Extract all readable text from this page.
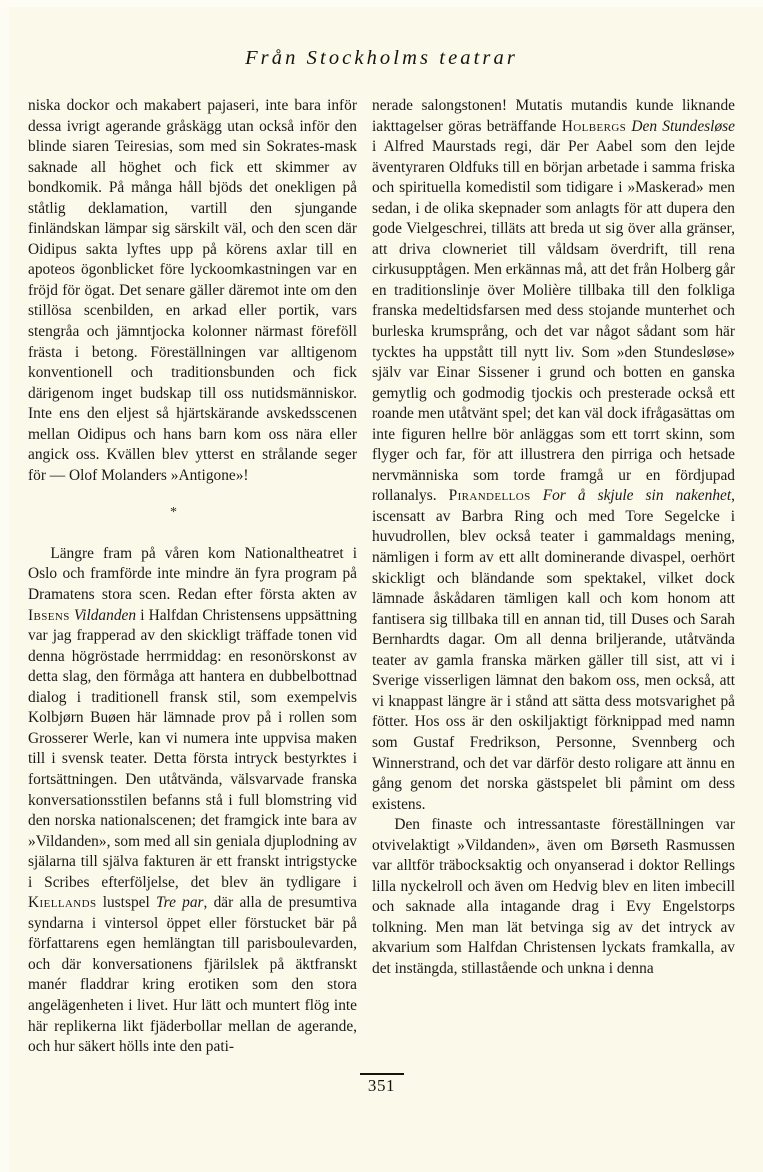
Från Stockholms teatrar

niska dockor och makabert pajaseri, inte bara inför dessa ivrigt agerande gråskägg utan också inför den blinde siaren Teiresias, som med sin Sokrates-mask saknade all höghet och fick ett skimmer av bondkomik. På många håll bjöds det onekligen på ståtlig deklamation, vartill den sjungande finländskan lämpar sig särskilt väl, och den scen där Oidipus sakta lyftes upp på körens axlar till en apoteos ögonblicket före lyckoomkastningen var en fröjd för ögat. Det senare gäller däremot inte om den stillösa scenbilden, en arkad eller portik, vars stengråa och jämntjocka kolonner närmast föreföll frästa i betong. Föreställningen var alltigenom konventionell och traditionsbunden och fick därigenom inget budskap till oss nutidsmänniskor. Inte ens den eljest så hjärtskärande avskedsscenen mellan Oidipus och hans barn kom oss nära eller angick oss. Kvällen blev ytterst en strålande seger för — Olof Molanders »Antigone»!

*

Längre fram på våren kom Nationaltheatret i Oslo och framförde inte mindre än fyra program på Dramatens stora scen. Redan efter första akten av Ibsens Vildanden i Halfdan Christensens uppsättning var jag frapperad av den skickligt träffade tonen vid denna högröstade herrmiddag: en resonörskonst av detta slag, den förmåga att hantera en dubbelbottnad dialog i traditionell fransk stil, som exempelvis Kolbjørn Buøen här lämnade prov på i rollen som Grosserer Werle, kan vi numera inte uppvisa maken till i svensk teater. Detta första intryck bestyrktes i fortsättningen. Den utåtvända, välsvarvade franska konversationsstilen befanns stå i full blomstring vid den norska nationalscenen; det framgick inte bara av »Vildanden», som med all sin geniala djuplodning av själarna till själva fakturen är ett franskt intrigstycke i Scribes efterföljelse, det blev än tydligare i Kiellands lustspel Tre par, där alla de presumtiva syndarna i vintersol öppet eller förstucket bär på författarens egen hemlängtan till parisboulevarden, och där konversationens fjärilslek på äktfranskt manér fladdrar kring erotiken som den stora angelägenheten i livet. Hur lätt och muntert flög inte här replikerna likt fjäderbollar mellan de agerande, och hur säkert hölls inte den pati-

nerade salongstonen! Mutatis mutandis kunde liknande iakttagelser göras beträffande Holbergs Den Stundesløse i Alfred Maurstads regi, där Per Aabel som den lejde äventyraren Oldfuks till en början arbetade i samma friska och spirituella komedistil som tidigare i »Maskerad» men sedan, i de olika skepnader som anlagts för att dupera den gode Vielgeschrei, tilläts att breda ut sig över alla gränser, att driva clowneriet till våldsam överdrift, till rena cirkusupptågen. Men erkännas må, att det från Holberg går en traditionslinje över Molière tillbaka till den folkliga franska medeltidsfarsen med dess stojande munterhet och burleska krumsprång, och det var något sådant som här tycktes ha uppstått till nytt liv. Som »den Stundesløse» själv var Einar Sissener i grund och botten en ganska gemytlig och godmodig tjockis och presterade också ett roande men utåtvänt spel; det kan väl dock ifrågasättas om inte figuren hellre bör anläggas som ett torrt skinn, som flyger och far, för att illustrera den pirriga och hetsade nervmänniska som torde framgå ur en fördjupad rollanalys. Pirandellos For å skjule sin nakenhet, iscensatt av Barbra Ring och med Tore Segelcke i huvudrollen, blev också teater i gammaldags mening, nämligen i form av ett allt dominerande divaspel, oerhört skickligt och bländande som spektakel, vilket dock lämnade åskådaren tämligen kall och kom honom att fantisera sig tillbaka till en annan tid, till Duses och Sarah Bernhardts dagar. Om all denna briljerande, utåtvända teater av gamla franska märken gäller till sist, att vi i Sverige visserligen lämnat den bakom oss, men också, att vi knappast längre är i stånd att sätta dess motsvarighet på fötter. Hos oss är den oskiljaktigt förknippad med namn som Gustaf Fredrikson, Personne, Svennberg och Winnerstrand, och det var därför desto roligare att ännu en gång genom det norska gästspelet bli påmint om dess existens.

Den finaste och intressantaste föreställningen var otvivelaktigt »Vildanden», även om Børseth Rasmussen var alltför träbocksaktig och onyanserad i doktor Rellings lilla nyckelroll och även om Hedvig blev en liten imbecill och saknade alla intagande drag i Evy Engelstorps tolkning. Men man lät betvinga sig av det intryck av akvarium som Halfdan Christensen lyckats framkalla, av det instängda, stillastående och unkna i denna

351
